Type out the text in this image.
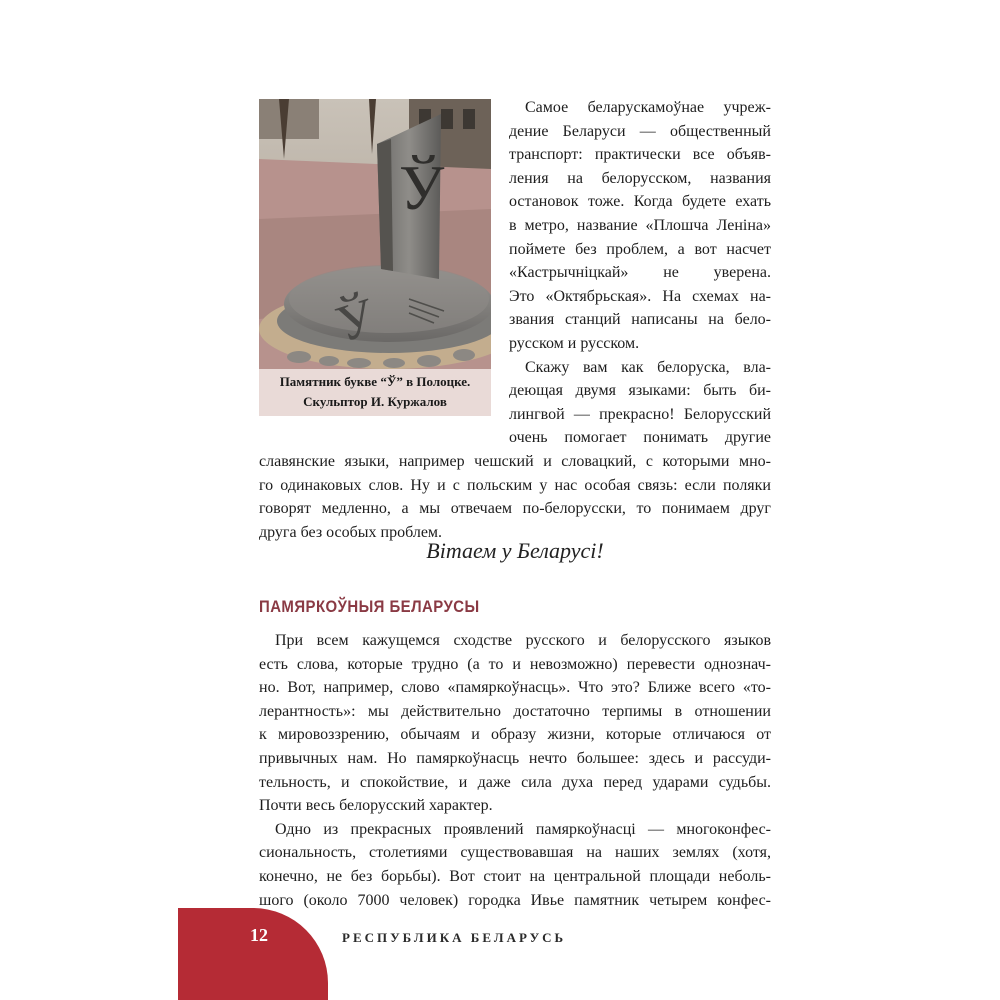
Ў
Ў
Памятник букве “Ў” в Полоцке.
Скульптор И. Куржалов
Самое беларускамоўнае учреж-
дение Беларуси — общественный
транспорт: практически все объяв-
ления на белорусском, названия
остановок тоже. Когда будете ехать
в метро, название «Плошча Леніна»
поймете без проблем, а вот насчет
«Кастрычніцкай» не уверена.
Это «Октябрьская». На схемах на-
звания станций написаны на бело-
русском и русском.
Скажу вам как белоруска, вла-
деющая двумя языками: быть би-
лингвой — прекрасно! Белорусский
очень помогает понимать другие
славянские языки, например чешский и словацкий, с которыми мно-
го одинаковых слов. Ну и с польским у нас особая связь: если поляки
говорят медленно, а мы отвечаем по-белорусски, то понимаем друг
друга без особых проблем.
Вітаем у Беларусі!
ПАМЯРКОЎНЫЯ БЕЛАРУСЫ
При всем кажущемся сходстве русского и белорусского языков
есть слова, которые трудно (а то и невозможно) перевести однознач-
но. Вот, например, слово «памяркоўнасць». Что это? Ближе всего «то-
лерантность»: мы действительно достаточно терпимы в отношении
к мировоззрению, обычаям и образу жизни, которые отличаюся от
привычных нам. Но памяркоўнасць нечто большее: здесь и рассуди-
тельность, и спокойствие, и даже сила духа перед ударами судьбы.
Почти весь белорусский характер.
Одно из прекрасных проявлений памяркоўнасці — многоконфес-
сиональность, столетиями существовавшая на наших землях (хотя,
конечно, не без борьбы). Вот стоит на центральной площади неболь-
шого (около 7000 человек) городка Ивье памятник четырем конфес-
12	РЕСПУБЛИКА БЕЛАРУСЬ
